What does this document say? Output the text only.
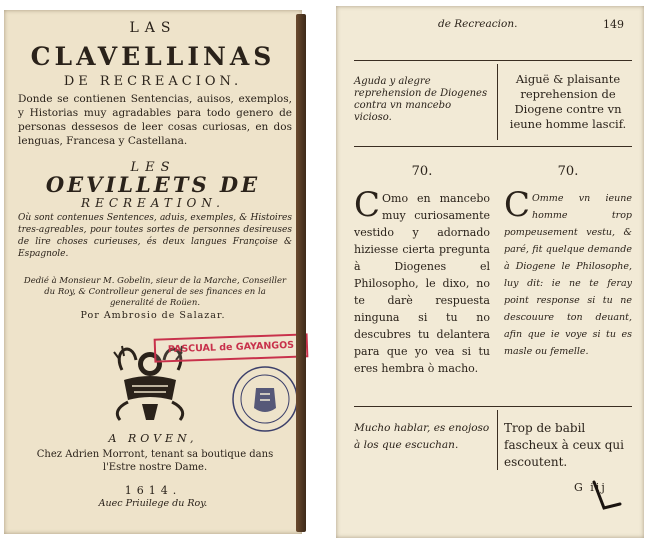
LAS
CLAVELLINAS
DE RECREACION.
Donde se contienen Sentencias, auisos, exemplos, y Historias muy agradables para todo genero de personas dessesos de leer cosas curiosas, en dos lenguas, Francesa y Castellana.
LES
OEVILLETS DE
RECREATION.
Où sont contenues Sentences, aduis, exemples, & Histoires tres-agreables, pour toutes sortes de personnes desireuses de lire choses curieuses, és deux langues Françoise & Espagnole.
Dedié à Monsieur M. Gobelin, sieur de la Marche, Conseiller du Roy, & Controlleur general de ses finances en la generalité de Roüen.
Por Ambrosio de Salazar.
PASCUAL de GAYANGOS
A ROVEN,
Chez Adrien Morront, tenant sa boutique dans l'Estre nostre Dame.
1614.
Auec Priuilege du Roy.
de Recreacion.	149
Aguda y alegre reprehension de Diogenes contra vn mancebo vicioso.
Aiguë & plaisante reprehension de Diogene contre vn ieune homme lascif.
70.	70.
C Omo en mancebo muy curiosamente vestido y adornado hiziesse cierta pregunta à Diogenes el Philosopho, le dixo, no te darè respuesta ninguna si tu no descubres tu delantera para que yo vea si tu eres hembra ò macho.
C Omme vn ieune homme trop pompeusement vestu, & paré, fit quelque demande à Diogene le Philosophe, luy dit: ie ne te feray point response si tu ne descouure ton deuant, afin que ie voye si tu es masle ou femelle.
Mucho hablar, es enojoso à los que escuchan.
Trop de babil fascheux à ceux qui escoutent.
G iij
